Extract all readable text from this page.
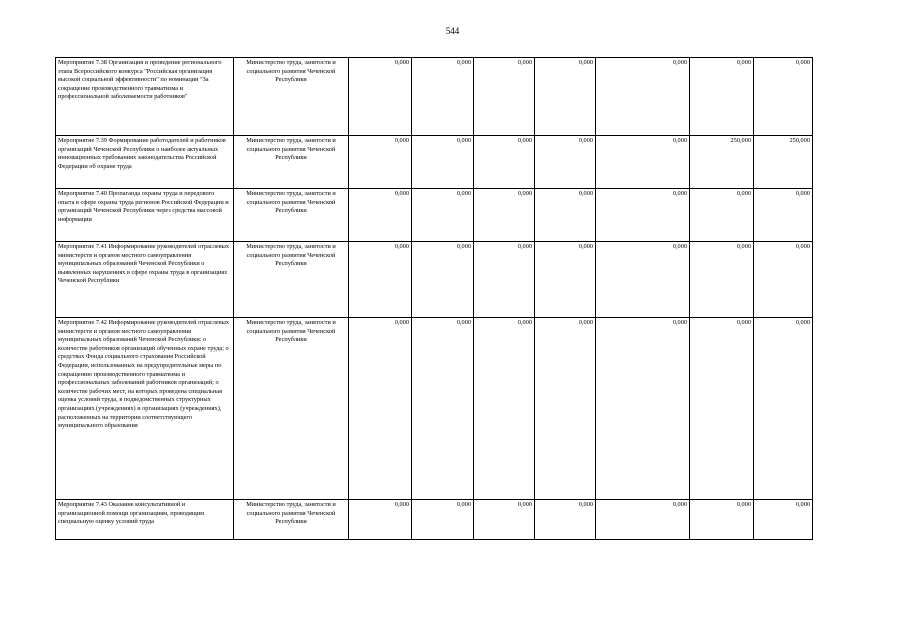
544
Мероприятие 7.38 Организация и проведение регионального этапа Всероссийского конкурса "Российская организация высокой социальной эффективности" по номинации "За сокращение производственного травматизма и профессиональной заболеваемости работников"	Министерство труда, занятости и социального развития Чеченской Республики	0,000	0,000	0,000	0,000	0,000	0,000	0,000
Мероприятие 7.39 Формирование работодателей и работников организаций Чеченской Республики о наиболее актуальных инновационных требованиях законодательства Российской Федерации об охране труда	Министерство труда, занятости и социального развития Чеченской Республики	0,000	0,000	0,000	0,000	0,000	250,000	250,000
Мероприятие 7.40 Пропаганда охраны труда и передового опыта в сфере охраны труда регионов Российской Федерации и организаций Чеченской Республики через средства массовой информации	Министерство труда, занятости и социального развития Чеченской Республики	0,000	0,000	0,000	0,000	0,000	0,000	0,000
Мероприятие 7.41 Информирование руководителей отраслевых министерств и органов местного самоуправления муниципальных образований Чеченской Республики о выявленных нарушениях в сфере охраны труда в организациях Чеченской Республики	Министерство труда, занятости и социального развития Чеченской Республики	0,000	0,000	0,000	0,000	0,000	0,000	0,000
Мероприятие 7.42 Информирование руководителей отраслевых министерств и органов местного самоуправления муниципальных образований Чеченской Республики: о количестве работников организаций обученных охране труда; о средствах Фонда социального страхования Российской Федерации, использованных на предупредительные меры по сокращению производственного травматизма и профессиональных заболеваний работников организаций; о количестве рабочих мест, на которых проведена специальная оценка условий труда, в подведомственных структурных организациях (учреждениях) и организациях (учреждениях), расположенных на территории соответствующего муниципального образования	Министерство труда, занятости и социального развития Чеченской Республики	0,000	0,000	0,000	0,000	0,000	0,000	0,000
Мероприятие 7.43 Оказание консультативной и организационной помощи организациям, проводящим специальную оценку условий труда	Министерство труда, занятости и социального развития Чеченской Республики	0,000	0,000	0,000	0,000	0,000	0,000	0,000
